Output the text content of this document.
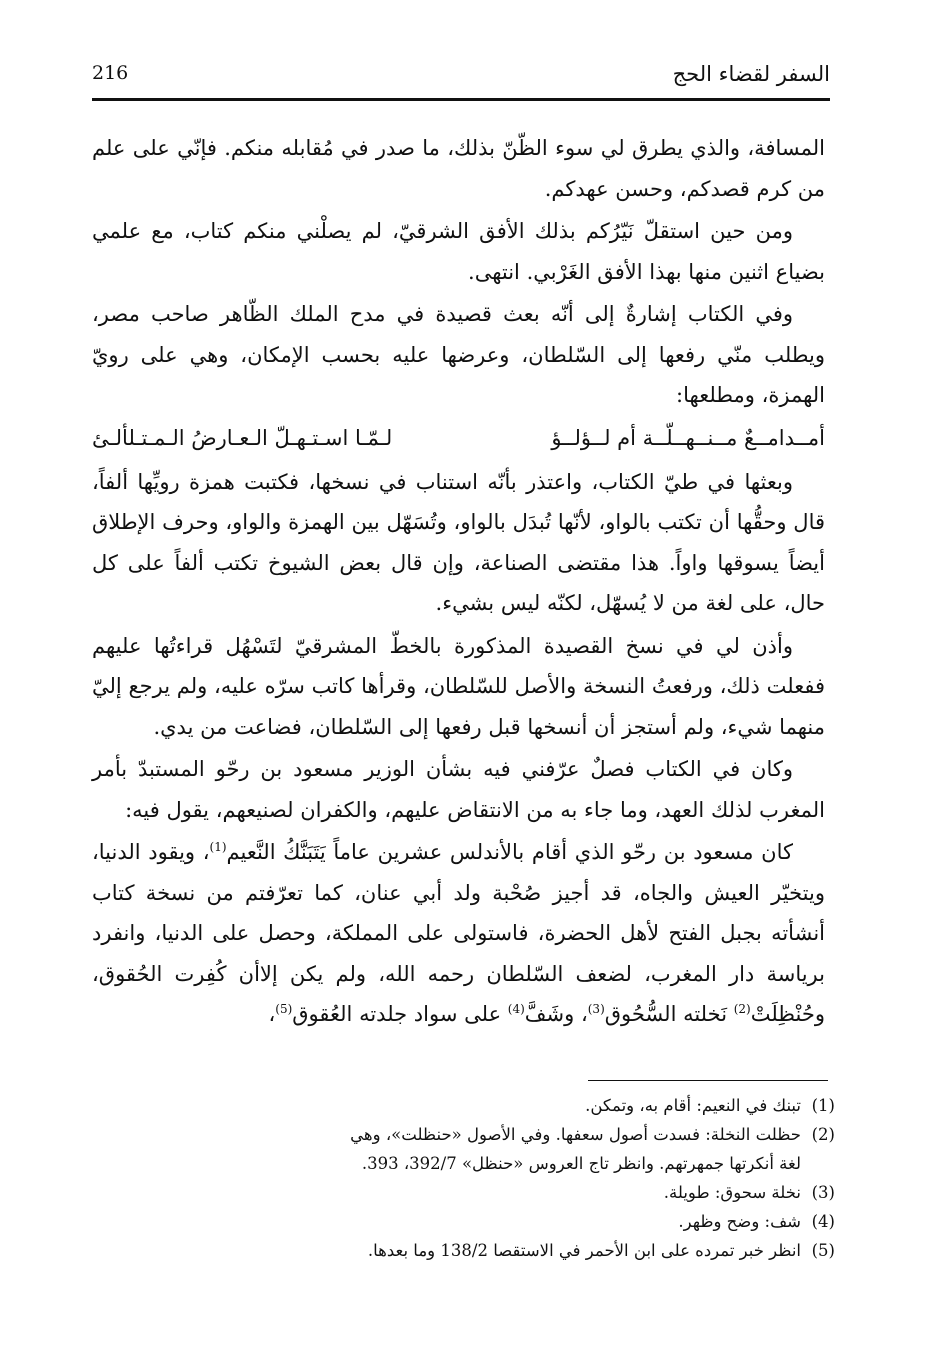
السفر لقضاء الحج
216

المسافة، والذي يطرق لي سوء الظّنّ بذلك، ما صدر في مُقابله منكم. فإنّي على علم من كرم قصدكم، وحسن عهدكم.

ومن حين استقلّ نَيّرُكم بذلك الأفق الشرقيّ، لم يصلْني منكم كتاب، مع علمي بضياع اثنين منها بهذا الأفق الغَرْبي. انتهى.

وفي الكتاب إشارةٌ إلى أنّه بعث قصيدة في مدح الملك الظّاهر صاحب مصر، ويطلب منّي رفعها إلى السّلطان، وعرضها عليه بحسب الإمكان، وهي على رويّ الهمزة، ومطلعها:

أمــدامــعٌ مــنــهــلّــة أم لــؤلــؤ
لـمّـا اسـتـهـلّ الـعـارضُ الـمـتـلألـئ

وبعثها في طيّ الكتاب، واعتذر بأنّه استناب في نسخها، فكتبت همزة رويِّها ألفاً، قال وحقُّها أن تكتب بالواو، لأنّها تُبدَل بالواو، وتُسَهّل بين الهمزة والواو، وحرف الإطلاق أيضاً يسوقها واواً. هذا مقتضى الصناعة، وإن قال بعض الشيوخ تكتب ألفاً على كل حال، على لغة من لا يُسهّل، لكنّه ليس بشيء.

وأذن لي في نسخ القصيدة المذكورة بالخطّ المشرقيّ لتَسْهُل قراءتُها عليهم ففعلت ذلك، ورفعتُ النسخة والأصل للسّلطان، وقرأها كاتب سرّه عليه، ولم يرجع إليّ منهما شيء، ولم أستجز أن أنسخها قبل رفعها إلى السّلطان، فضاعت من يدي.

وكان في الكتاب فصلٌ عرّفني فيه بشأن الوزير مسعود بن رحّو المستبدّ بأمر المغرب لذلك العهد، وما جاء به من الانتقاض عليهم، والكفران لصنيعهم، يقول فيه:

كان مسعود بن رحّو الذي أقام بالأندلس عشرين عاماً يَتَبَنَّكُ النَّعيم$^{(1)}$، ويقود الدنيا، ويتخيّر العيش والجاه، قد أجيز صُحْبة ولد أبي عنان، كما تعرّفتم من نسخة كتاب أنشأته بجبل الفتح لأهل الحضرة، فاستولى على المملكة، وحصل على الدنيا، وانفرد برياسة دار المغرب، لضعف السّلطان رحمه الله، ولم يكن إلاأن كُفِرت الحُقوق، وحُنْظِلَتْ$^{(2)}$ نَخلته السُّحُوق$^{(3)}$، وشَفَّ$^{(4)}$ على سواد جلدته العُقوق$^{(5)}$،

(1)
تبنك في النعيم: أقام به، وتمكن.
(2)
حظلت النخلة: فسدت أصول سعفها. وفي الأصول «حنظلت»، وهي لغة أنكرتها جمهرتهم. وانظر تاج العروس «حنظل» 392/7، 393.
(3)
نخلة سحوق: طويلة.
(4)
شف: وضح وظهر.
(5)
انظر خبر تمرده على ابن الأحمر في الاستقصا 138/2 وما بعدها.
